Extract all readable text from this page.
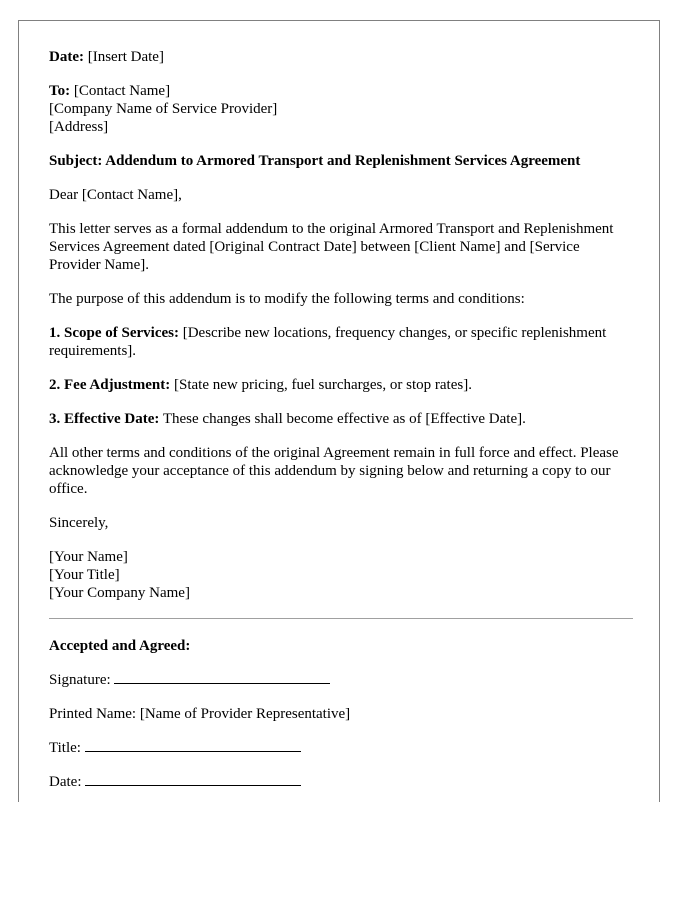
Date: [Insert Date]

To: [Contact Name]
[Company Name of Service Provider]
[Address]

Subject: Addendum to Armored Transport and Replenishment Services Agreement

Dear [Contact Name],

This letter serves as a formal addendum to the original Armored Transport and Replenishment Services Agreement dated [Original Contract Date] between [Client Name] and [Service Provider Name].

The purpose of this addendum is to modify the following terms and conditions:

1. Scope of Services: [Describe new locations, frequency changes, or specific replenishment requirements].

2. Fee Adjustment: [State new pricing, fuel surcharges, or stop rates].

3. Effective Date: These changes shall become effective as of [Effective Date].

All other terms and conditions of the original Agreement remain in full force and effect. Please acknowledge your acceptance of this addendum by signing below and returning a copy to our office.

Sincerely,

[Your Name]
[Your Title]
[Your Company Name]

Accepted and Agreed:

Signature:

Printed Name: [Name of Provider Representative]

Title:

Date:
